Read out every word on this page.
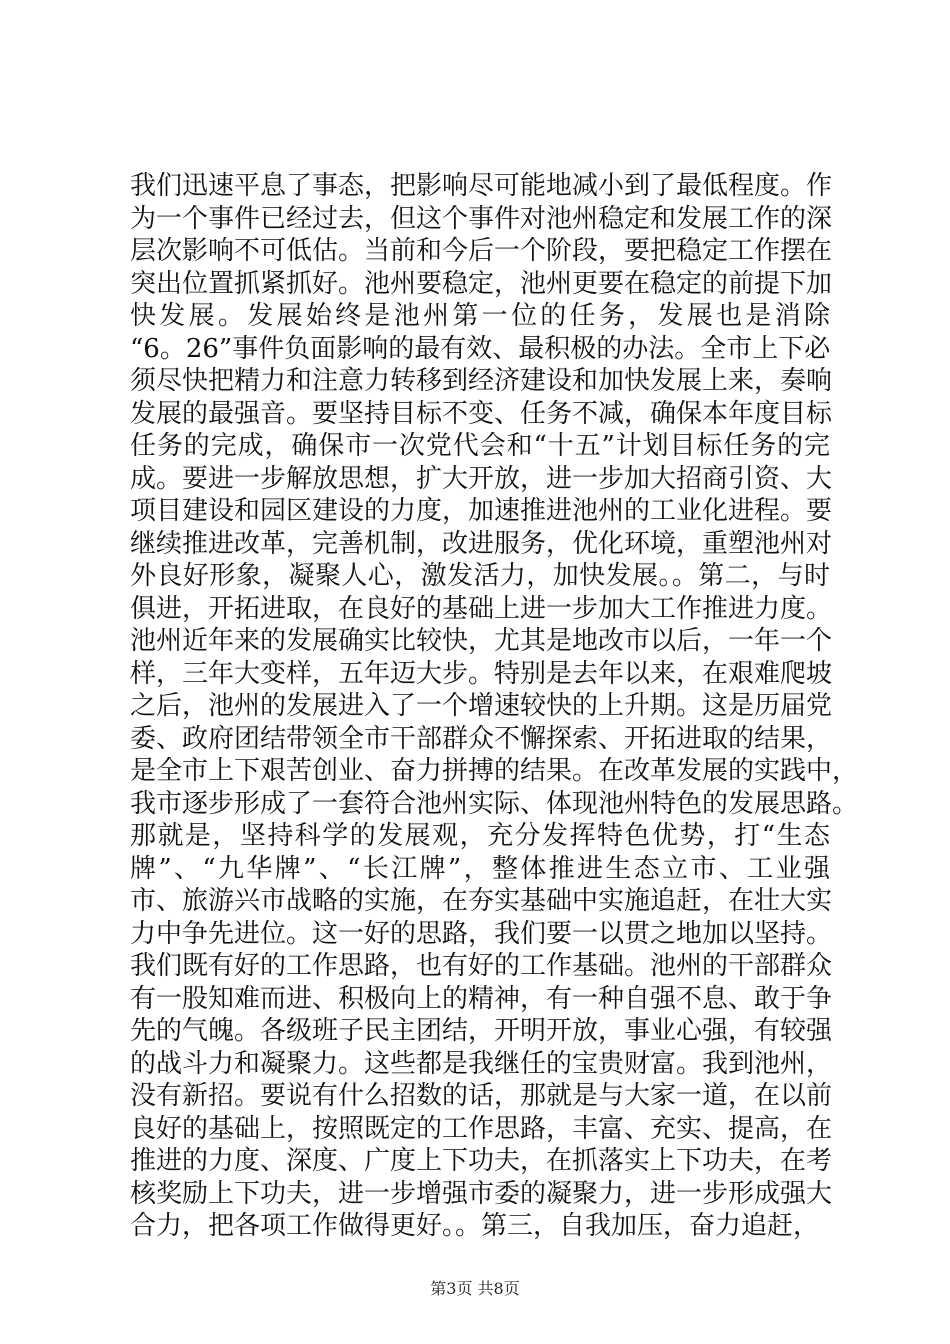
我们迅速平息了事态，把影响尽可能地减小到了最低程度。作
为一个事件已经过去，但这个事件对池州稳定和发展工作的深
层次影响不可低估。当前和今后一个阶段，要把稳定工作摆在
突出位置抓紧抓好。池州要稳定，池州更要在稳定的前提下加
快发展。发展始终是池州第一位的任务，发展也是消除
“6。26”事件负面影响的最有效、最积极的办法。全市上下必
须尽快把精力和注意力转移到经济建设和加快发展上来，奏响
发展的最强音。要坚持目标不变、任务不减，确保本年度目标
任务的完成，确保市一次党代会和“十五”计划目标任务的完
成。要进一步解放思想，扩大开放，进一步加大招商引资、大
项目建设和园区建设的力度，加速推进池州的工业化进程。要
继续推进改革，完善机制，改进服务，优化环境，重塑池州对
外良好形象，凝聚人心，激发活力，加快发展。。第二，与时
俱进，开拓进取，在良好的基础上进一步加大工作推进力度。
池州近年来的发展确实比较快，尤其是地改市以后，一年一个
样，三年大变样，五年迈大步。特别是去年以来，在艰难爬坡
之后，池州的发展进入了一个增速较快的上升期。这是历届党
委、政府团结带领全市干部群众不懈探索、开拓进取的结果，
是全市上下艰苦创业、奋力拼搏的结果。在改革发展的实践中，
我市逐步形成了一套符合池州实际、体现池州特色的发展思路。
那就是，坚持科学的发展观，充分发挥特色优势，打“生态
牌”、“九华牌”、“长江牌”，整体推进生态立市、工业强
市、旅游兴市战略的实施，在夯实基础中实施追赶，在壮大实
力中争先进位。这一好的思路，我们要一以贯之地加以坚持。
我们既有好的工作思路，也有好的工作基础。池州的干部群众
有一股知难而进、积极向上的精神，有一种自强不息、敢于争
先的气魄。各级班子民主团结，开明开放，事业心强，有较强
的战斗力和凝聚力。这些都是我继任的宝贵财富。我到池州，
没有新招。要说有什么招数的话，那就是与大家一道，在以前
良好的基础上，按照既定的工作思路，丰富、充实、提高，在
推进的力度、深度、广度上下功夫，在抓落实上下功夫，在考
核奖励上下功夫，进一步增强市委的凝聚力，进一步形成强大
合力，把各项工作做得更好。。第三，自我加压，奋力追赶，
第3页 共8页
